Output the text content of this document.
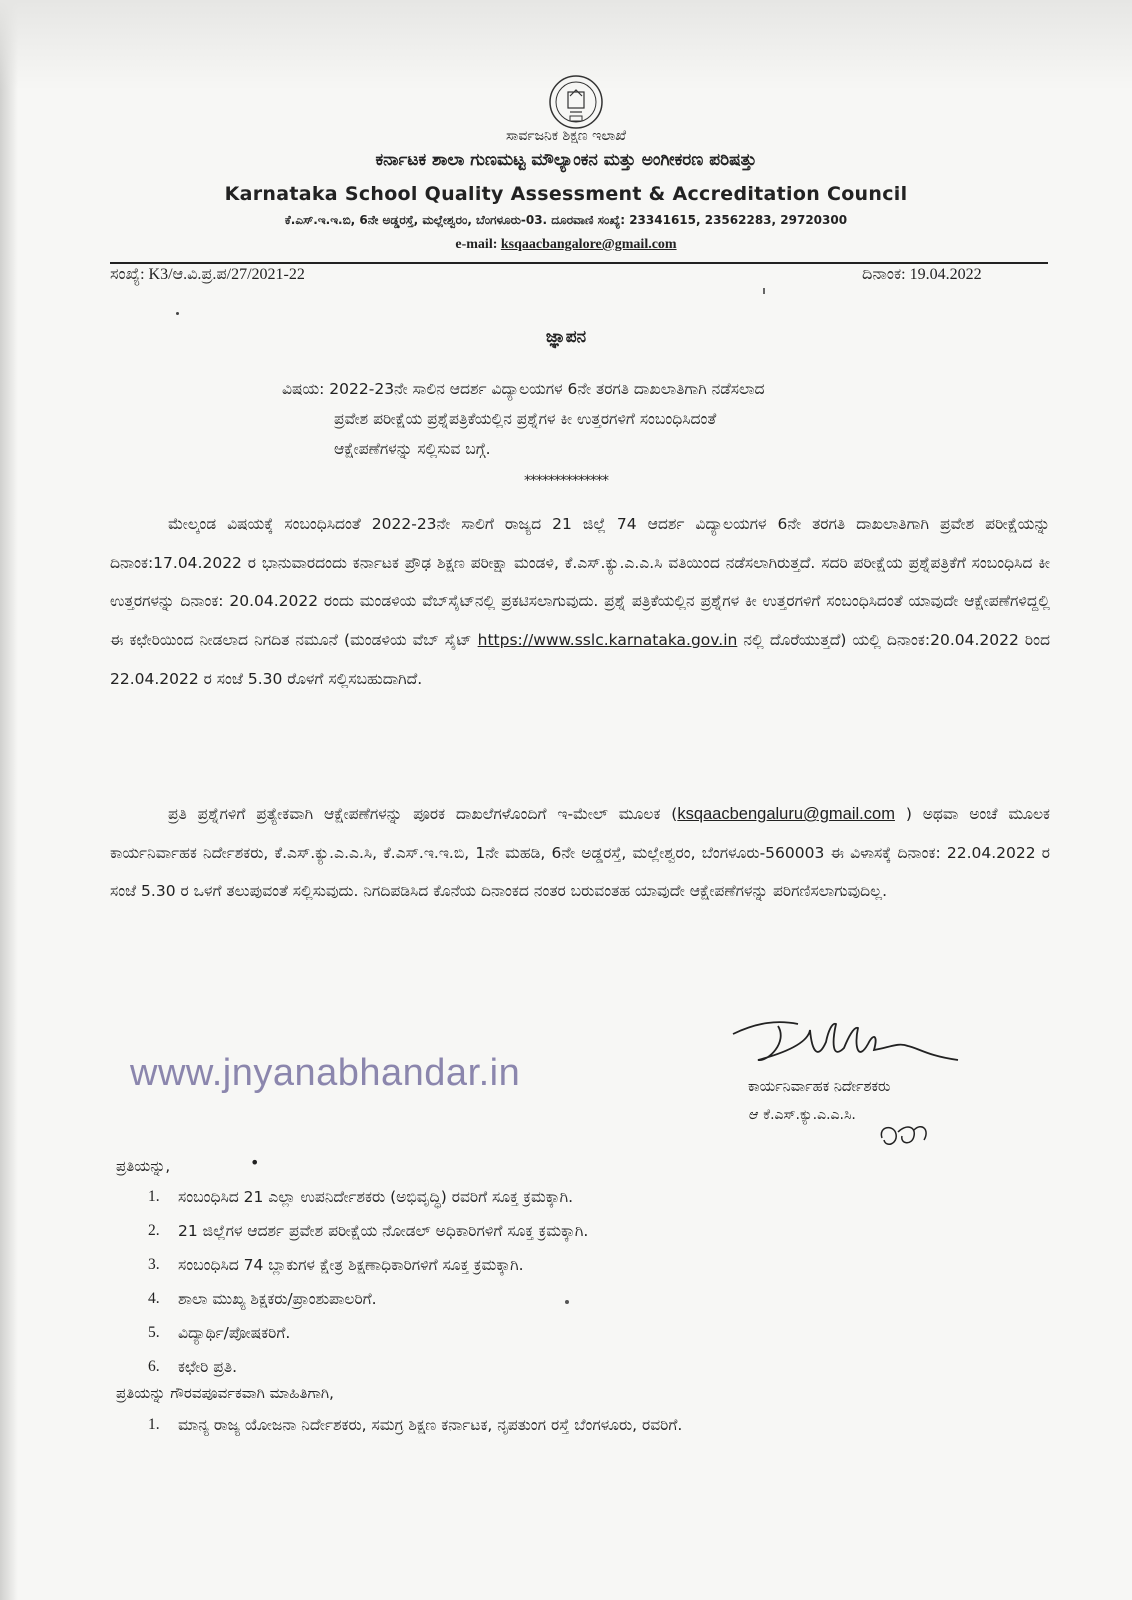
ಸಾರ್ವಜನಿಕ ಶಿಕ್ಷಣ ಇಲಾಖೆ
ಕರ್ನಾಟಕ ಶಾಲಾ ಗುಣಮಟ್ಟ ಮೌಲ್ಯಾಂಕನ ಮತ್ತು ಅಂಗೀಕರಣ ಪರಿಷತ್ತು
Karnataka School Quality Assessment & Accreditation Council
ಕೆ.ಎಸ್.ಇ.ಇ.ಬಿ, 6ನೇ ಅಡ್ಡರಸ್ತೆ, ಮಲ್ಲೇಶ್ವರಂ, ಬೆಂಗಳೂರು-03. ದೂರವಾಣಿ ಸಂಖ್ಯೆ: 23341615, 23562283, 29720300
e-mail: ksqaacbangalore@gmail.com
ಸಂಖ್ಯೆ: K3/ಆ.ವಿ.ಪ್ರ.ಪ/27/2021-22	ದಿನಾಂಕ: 19.04.2022
ಜ್ಞಾಪನ
ವಿಷಯ: 2022-23ನೇ ಸಾಲಿನ ಆದರ್ಶ ವಿದ್ಯಾಲಯಗಳ 6ನೇ ತರಗತಿ ದಾಖಲಾತಿಗಾಗಿ ನಡೆಸಲಾದ
ಪ್ರವೇಶ ಪರೀಕ್ಷೆಯ ಪ್ರಶ್ನೆಪತ್ರಿಕೆಯಲ್ಲಿನ ಪ್ರಶ್ನೆಗಳ ಕೀ ಉತ್ತರಗಳಿಗೆ ಸಂಬಂಧಿಸಿದಂತೆ
ಆಕ್ಷೇಪಣೆಗಳನ್ನು ಸಲ್ಲಿಸುವ ಬಗ್ಗೆ.
**************
ಮೇಲ್ಕಂಡ ವಿಷಯಕ್ಕೆ ಸಂಬಂಧಿಸಿದಂತೆ 2022-23ನೇ ಸಾಲಿಗೆ ರಾಜ್ಯದ 21 ಜಿಲ್ಲೆ 74 ಆದರ್ಶ ವಿದ್ಯಾಲಯಗಳ 6ನೇ ತರಗತಿ ದಾಖಲಾತಿಗಾಗಿ ಪ್ರವೇಶ ಪರೀಕ್ಷೆಯನ್ನು ದಿನಾಂಕ:17.04.2022 ರ ಭಾನುವಾರದಂದು ಕರ್ನಾಟಕ ಪ್ರೌಢ ಶಿಕ್ಷಣ ಪರೀಕ್ಷಾ ಮಂಡಳಿ, ಕೆ.ಎಸ್.ಕ್ಯು.ಎ.ಎ.ಸಿ ವತಿಯಿಂದ ನಡೆಸಲಾಗಿರುತ್ತದೆ. ಸದರಿ ಪರೀಕ್ಷೆಯ ಪ್ರಶ್ನೆಪತ್ರಿಕೆಗೆ ಸಂಬಂಧಿಸಿದ ಕೀ ಉತ್ತರಗಳನ್ನು ದಿನಾಂಕ: 20.04.2022 ರಂದು ಮಂಡಳಿಯ ವೆಬ್‌ಸೈಟ್‌ನಲ್ಲಿ ಪ್ರಕಟಿಸಲಾಗುವುದು. ಪ್ರಶ್ನೆ ಪತ್ರಿಕೆಯಲ್ಲಿನ ಪ್ರಶ್ನೆಗಳ ಕೀ ಉತ್ತರಗಳಿಗೆ ಸಂಬಂಧಿಸಿದಂತೆ ಯಾವುದೇ ಆಕ್ಷೇಪಣೆಗಳಿದ್ದಲ್ಲಿ ಈ ಕಛೇರಿಯಿಂದ ನೀಡಲಾದ ನಿಗದಿತ ನಮೂನೆ (ಮಂಡಳಿಯ ವೆಬ್ ಸೈಟ್ https://www.sslc.karnataka.gov.in ನಲ್ಲಿ ದೊರೆಯುತ್ತದೆ) ಯಲ್ಲಿ ದಿನಾಂಕ:20.04.2022 ರಿಂದ 22.04.2022 ರ ಸಂಜೆ 5.30 ರೊಳಗೆ ಸಲ್ಲಿಸಬಹುದಾಗಿದೆ.
ಪ್ರತಿ ಪ್ರಶ್ನೆಗಳಿಗೆ ಪ್ರತ್ಯೇಕವಾಗಿ ಆಕ್ಷೇಪಣೆಗಳನ್ನು ಪೂರಕ ದಾಖಲೆಗಳೊಂದಿಗೆ ಇ-ಮೇಲ್ ಮೂಲಕ (ksqaacbengaluru@gmail.com ) ಅಥವಾ ಅಂಚೆ ಮೂಲಕ ಕಾರ್ಯನಿರ್ವಾಹಕ ನಿರ್ದೇಶಕರು, ಕೆ.ಎಸ್.ಕ್ಯು.ಎ.ಎ.ಸಿ, ಕೆ.ಎಸ್.ಇ.ಇ.ಬಿ, 1ನೇ ಮಹಡಿ, 6ನೇ ಅಡ್ಡರಸ್ತೆ, ಮಲ್ಲೇಶ್ವರಂ, ಬೆಂಗಳೂರು-560003 ಈ ವಿಳಾಸಕ್ಕೆ ದಿನಾಂಕ: 22.04.2022 ರ ಸಂಜೆ 5.30 ರ ಒಳಗೆ ತಲುಪುವಂತೆ ಸಲ್ಲಿಸುವುದು. ನಿಗದಿಪಡಿಸಿದ ಕೊನೆಯ ದಿನಾಂಕದ ನಂತರ ಬರುವಂತಹ ಯಾವುದೇ ಆಕ್ಷೇಪಣೆಗಳನ್ನು ಪರಿಗಣಿಸಲಾಗುವುದಿಲ್ಲ.
www.jnyanabhandar.in	ಕಾರ್ಯನಿರ್ವಾಹಕ ನಿರ್ದೇಶಕರು
ಆ ಕೆ.ಎಸ್.ಕ್ಯು.ಎ.ಎ.ಸಿ.
ಪ್ರತಿಯನ್ನು,	•
1. ಸಂಬಂಧಿಸಿದ 21 ಎಲ್ಲಾ ಉಪನಿರ್ದೇಶಕರು (ಅಭಿವೃದ್ಧಿ) ರವರಿಗೆ ಸೂಕ್ತ ಕ್ರಮಕ್ಕಾಗಿ.
2. 21 ಜಿಲ್ಲೆಗಳ ಆದರ್ಶ ಪ್ರವೇಶ ಪರೀಕ್ಷೆಯ ನೋಡಲ್ ಅಧಿಕಾರಿಗಳಿಗೆ ಸೂಕ್ತ ಕ್ರಮಕ್ಕಾಗಿ.
3. ಸಂಬಂಧಿಸಿದ 74 ಬ್ಲಾಕುಗಳ ಕ್ಷೇತ್ರ ಶಿಕ್ಷಣಾಧಿಕಾರಿಗಳಿಗೆ ಸೂಕ್ತ ಕ್ರಮಕ್ಕಾಗಿ.
4. ಶಾಲಾ ಮುಖ್ಯ ಶಿಕ್ಷಕರು/ಪ್ರಾಂಶುಪಾಲರಿಗೆ.
5. ವಿದ್ಯಾರ್ಥಿ/ಪೋಷಕರಿಗೆ.
6. ಕಛೇರಿ ಪ್ರತಿ.
ಪ್ರತಿಯನ್ನು ಗೌರವಪೂರ್ವಕವಾಗಿ ಮಾಹಿತಿಗಾಗಿ,
1. ಮಾನ್ಯ ರಾಜ್ಯ ಯೋಜನಾ ನಿರ್ದೇಶಕರು, ಸಮಗ್ರ ಶಿಕ್ಷಣ ಕರ್ನಾಟಕ, ನೃಪತುಂಗ ರಸ್ತೆ ಬೆಂಗಳೂರು, ರವರಿಗೆ.
